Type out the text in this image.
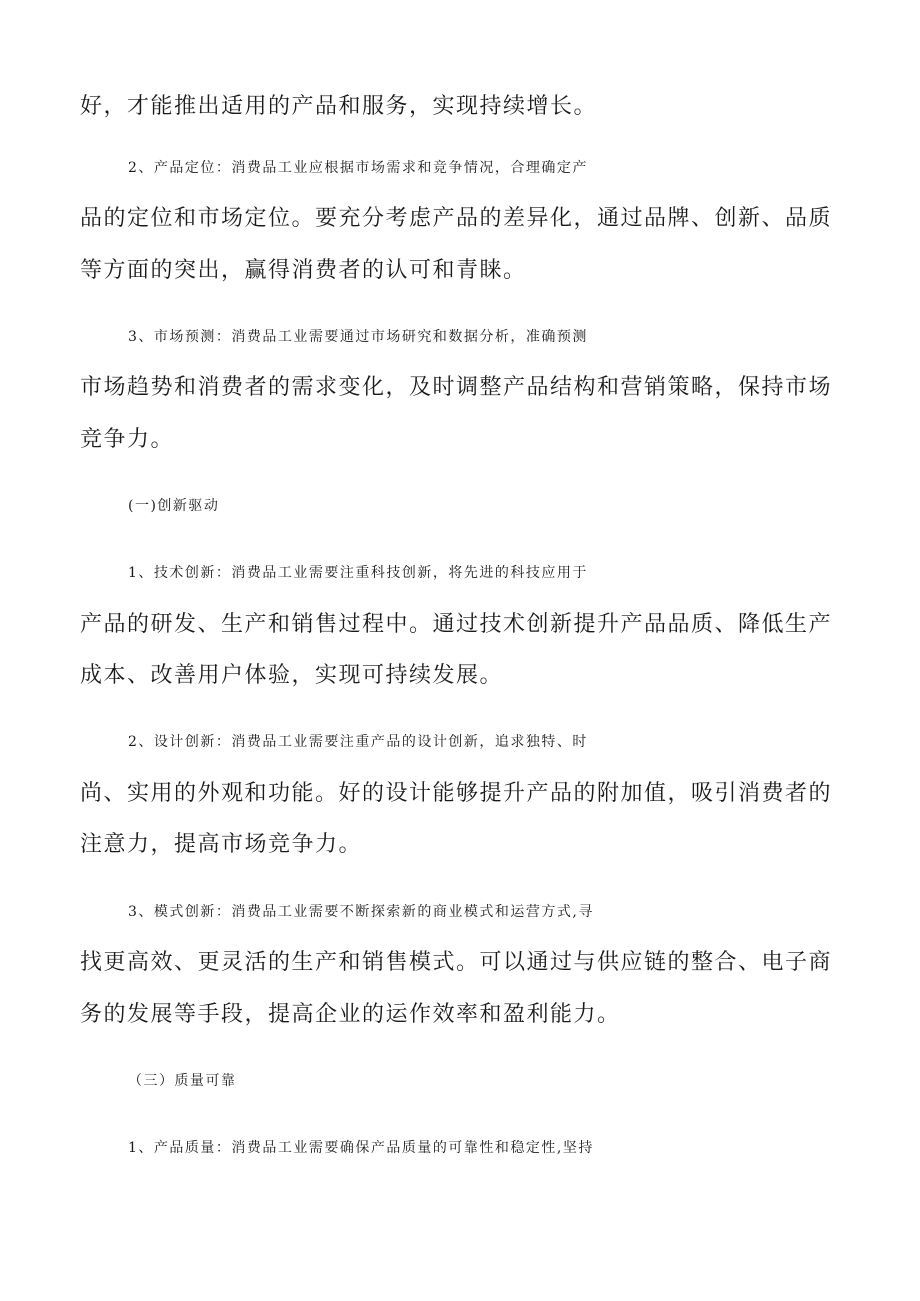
好，才能推出适用的产品和服务，实现持续增长。
2、产品定位：消费品工业应根据市场需求和竞争情况，合理确定产
品的定位和市场定位。要充分考虑产品的差异化，通过品牌、创新、品质
等方面的突出，赢得消费者的认可和青睐。
3、市场预测：消费品工业需要通过市场研究和数据分析，准确预测
市场趋势和消费者的需求变化，及时调整产品结构和营销策略，保持市场
竞争力。
(一)创新驱动
1、技术创新：消费品工业需要注重科技创新，将先进的科技应用于
产品的研发、生产和销售过程中。通过技术创新提升产品品质、降低生产
成本、改善用户体验，实现可持续发展。
2、设计创新：消费品工业需要注重产品的设计创新，追求独特、时
尚、实用的外观和功能。好的设计能够提升产品的附加值，吸引消费者的
注意力，提高市场竞争力。
3、模式创新：消费品工业需要不断探索新的商业模式和运营方式,寻
找更高效、更灵活的生产和销售模式。可以通过与供应链的整合、电子商
务的发展等手段，提高企业的运作效率和盈利能力。
（三）质量可靠
1、产品质量：消费品工业需要确保产品质量的可靠性和稳定性,坚持
